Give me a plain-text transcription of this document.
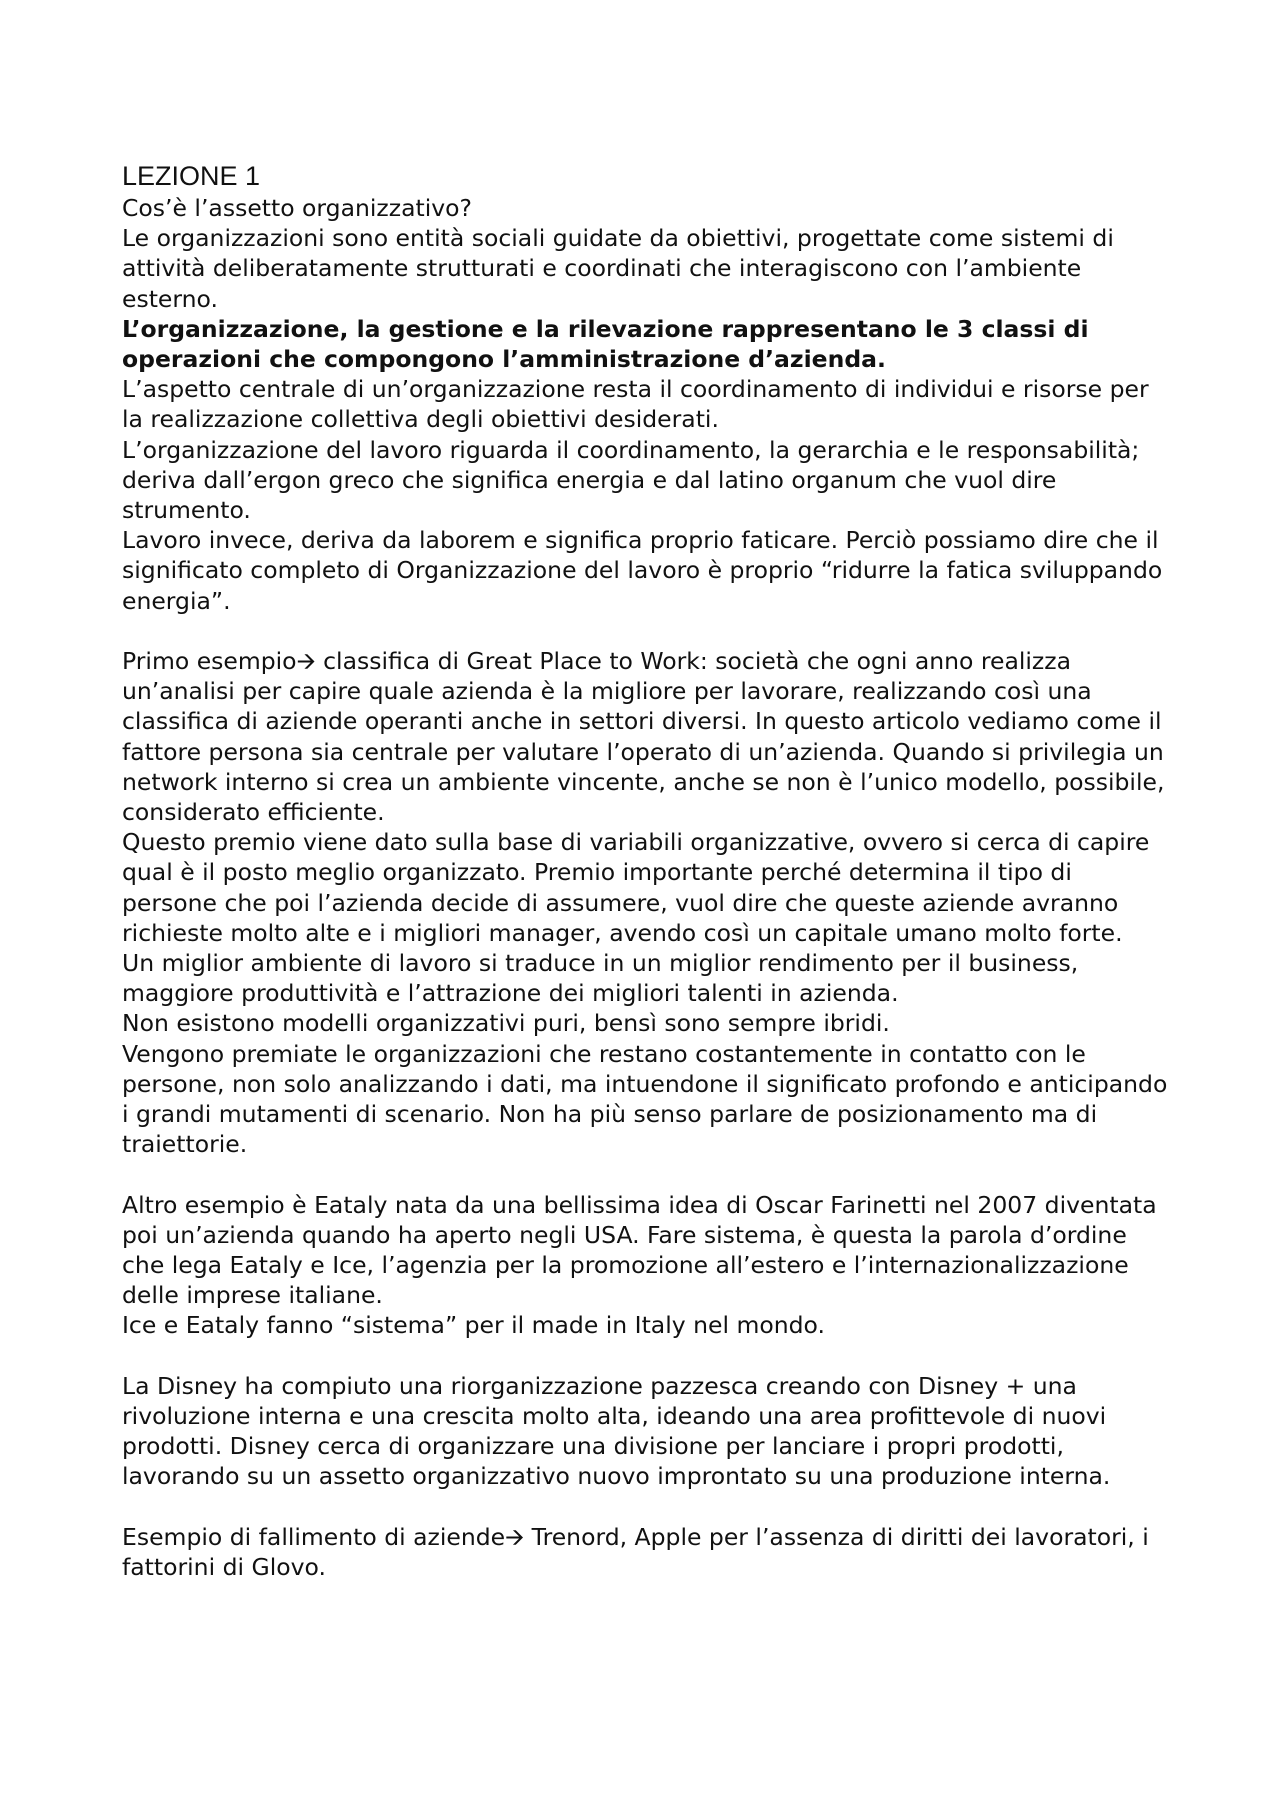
LEZIONE 1

Cos’è l’assetto organizzativo?

Le organizzazioni sono entità sociali guidate da obiettivi, progettate come sistemi di attività deliberatamente strutturati e coordinati che interagiscono con l’ambiente esterno.

L’organizzazione, la gestione e la rilevazione rappresentano le 3 classi di operazioni che compongono l’amministrazione d’azienda.

L’aspetto centrale di un’organizzazione resta il coordinamento di individui e risorse per la realizzazione collettiva degli obiettivi desiderati.

L’organizzazione del lavoro riguarda il coordinamento, la gerarchia e le responsabilità; deriva dall’ergon greco che significa energia e dal latino organum che vuol dire strumento.

Lavoro invece, deriva da laborem e significa proprio faticare. Perciò possiamo dire che il significato completo di Organizzazione del lavoro è proprio “ridurre la fatica sviluppando energia”.

Primo esempio🡪 classifica di Great Place to Work: società che ogni anno realizza un’analisi per capire quale azienda è la migliore per lavorare, realizzando così una classifica di aziende operanti anche in settori diversi. In questo articolo vediamo come il fattore persona sia centrale per valutare l’operato di un’azienda. Quando si privilegia un network interno si crea un ambiente vincente, anche se non è l’unico modello, possibile, considerato efficiente.

Questo premio viene dato sulla base di variabili organizzative, ovvero si cerca di capire qual è il posto meglio organizzato. Premio importante perché determina il tipo di persone che poi l’azienda decide di assumere, vuol dire che queste aziende avranno richieste molto alte e i migliori manager, avendo così un capitale umano molto forte.

Un miglior ambiente di lavoro si traduce in un miglior rendimento per il business, maggiore produttività e l’attrazione dei migliori talenti in azienda.

Non esistono modelli organizzativi puri, bensì sono sempre ibridi.

Vengono premiate le organizzazioni che restano costantemente in contatto con le persone, non solo analizzando i dati, ma intuendone il significato profondo e anticipando i grandi mutamenti di scenario. Non ha più senso parlare de posizionamento ma di traiettorie.

Altro esempio è Eataly nata da una bellissima idea di Oscar Farinetti nel 2007 diventata poi un’azienda quando ha aperto negli USA. Fare sistema, è questa la parola d’ordine che lega Eataly e Ice, l’agenzia per la promozione all’estero e l’internazionalizzazione delle imprese italiane.

Ice e Eataly fanno “sistema” per il made in Italy nel mondo.

La Disney ha compiuto una riorganizzazione pazzesca creando con Disney + una rivoluzione interna e una crescita molto alta, ideando una area profittevole di nuovi prodotti. Disney cerca di organizzare una divisione per lanciare i propri prodotti, lavorando su un assetto organizzativo nuovo improntato su una produzione interna.

Esempio di fallimento di aziende🡪 Trenord, Apple per l’assenza di diritti dei lavoratori, i fattorini di Glovo.
